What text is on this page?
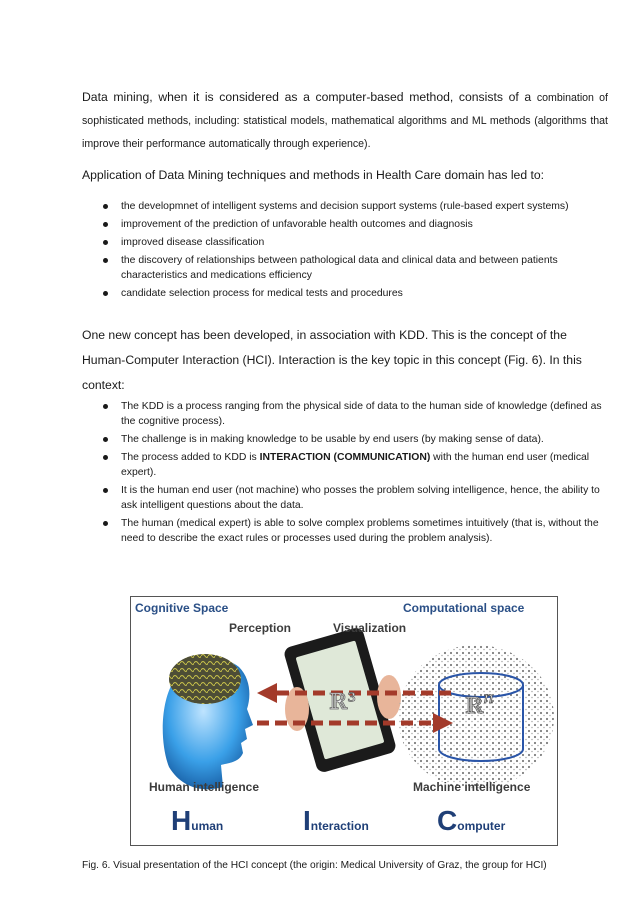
Data mining, when it is considered as a computer-based method, consists of a combination of sophisticated methods, including: statistical models, mathematical algorithms and ML methods (algorithms that improve their performance automatically through experience).

Application of Data Mining techniques and methods in Health Care domain has led to:

the developmnet of intelligent systems and decision support systems (rule-based expert systems)
improvement of the prediction of unfavorable health outcomes and diagnosis
improved disease classification
the discovery of relationships between pathological data and clinical data and between patients characteristics and medications efficiency
candidate selection process for medical tests and procedures

One new concept has been developed, in association with KDD. This is the concept of the Human-Computer Interaction (HCI). Interaction is the key topic in this concept (Fig. 6). In this context:

The KDD is a process ranging from the physical side of data to the human side of knowledge (defined as the cognitive process).
The challenge is in making knowledge to be usable by end users (by making sense of data).
The process added to KDD is INTERACTION (COMMUNICATION) with the human end user (medical expert).
It is the human end user (not machine) who posses the problem solving intelligence, hence, the ability to ask intelligent questions about the data.
The human (medical expert) is able to solve complex problems sometimes intuitively (that is, without the need to describe the exact rules or processes used during the problem analysis).
ℝ³	ℝ$^n$
Cognitive Space	Computational space
Perception	Visualization
Human intelligence	Machine intelligence
Human	Interaction Computer

Fig. 6. Visual presentation of the HCI concept (the origin: Medical University of Graz, the group for HCI)
